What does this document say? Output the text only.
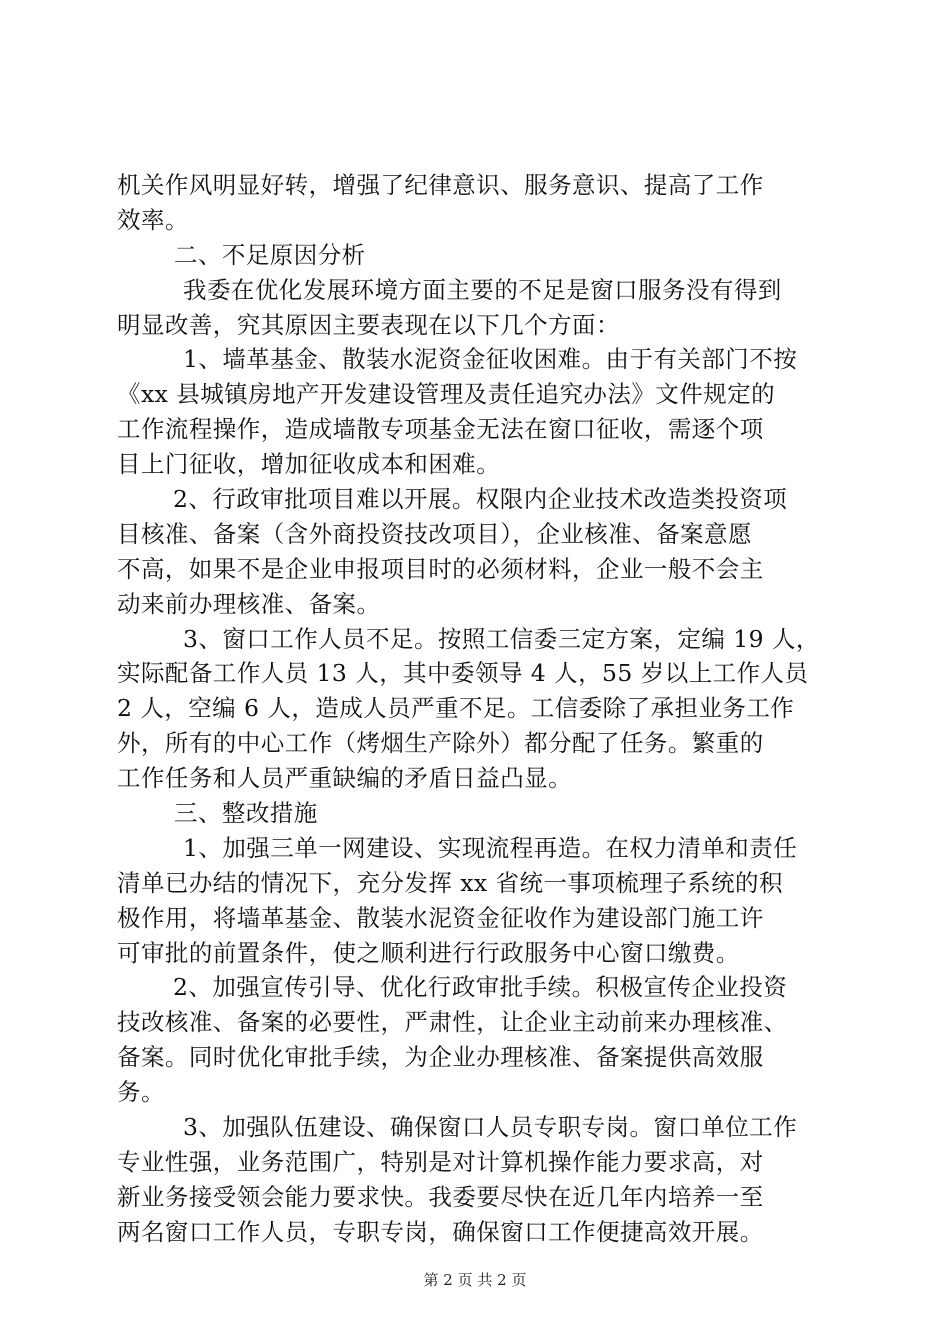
机关作风明显好转，增强了纪律意识、服务意识、提高了工作
效率。
二、不足原因分析
我委在优化发展环境方面主要的不足是窗口服务没有得到
明显改善，究其原因主要表现在以下几个方面：
1、墙革基金、散装水泥资金征收困难。由于有关部门不按
《xx 县城镇房地产开发建设管理及责任追究办法》文件规定的
工作流程操作，造成墙散专项基金无法在窗口征收，需逐个项
目上门征收，增加征收成本和困难。
2、行政审批项目难以开展。权限内企业技术改造类投资项
目核准、备案（含外商投资技改项目），企业核准、备案意愿
不高，如果不是企业申报项目时的必须材料，企业一般不会主
动来前办理核准、备案。
3、窗口工作人员不足。按照工信委三定方案，定编 19 人，
实际配备工作人员 13 人，其中委领导 4 人，55 岁以上工作人员
2 人，空编 6 人，造成人员严重不足。工信委除了承担业务工作
外，所有的中心工作（烤烟生产除外）都分配了任务。繁重的
工作任务和人员严重缺编的矛盾日益凸显。
三、整改措施
1、加强三单一网建设、实现流程再造。在权力清单和责任
清单已办结的情况下，充分发挥 xx 省统一事项梳理子系统的积
极作用，将墙革基金、散装水泥资金征收作为建设部门施工许
可审批的前置条件，使之顺利进行行政服务中心窗口缴费。
2、加强宣传引导、优化行政审批手续。积极宣传企业投资
技改核准、备案的必要性，严肃性，让企业主动前来办理核准、
备案。同时优化审批手续，为企业办理核准、备案提供高效服
务。
3、加强队伍建设、确保窗口人员专职专岗。窗口单位工作
专业性强，业务范围广，特别是对计算机操作能力要求高，对
新业务接受领会能力要求快。我委要尽快在近几年内培养一至
两名窗口工作人员，专职专岗，确保窗口工作便捷高效开展。
第 2 页 共 2 页
